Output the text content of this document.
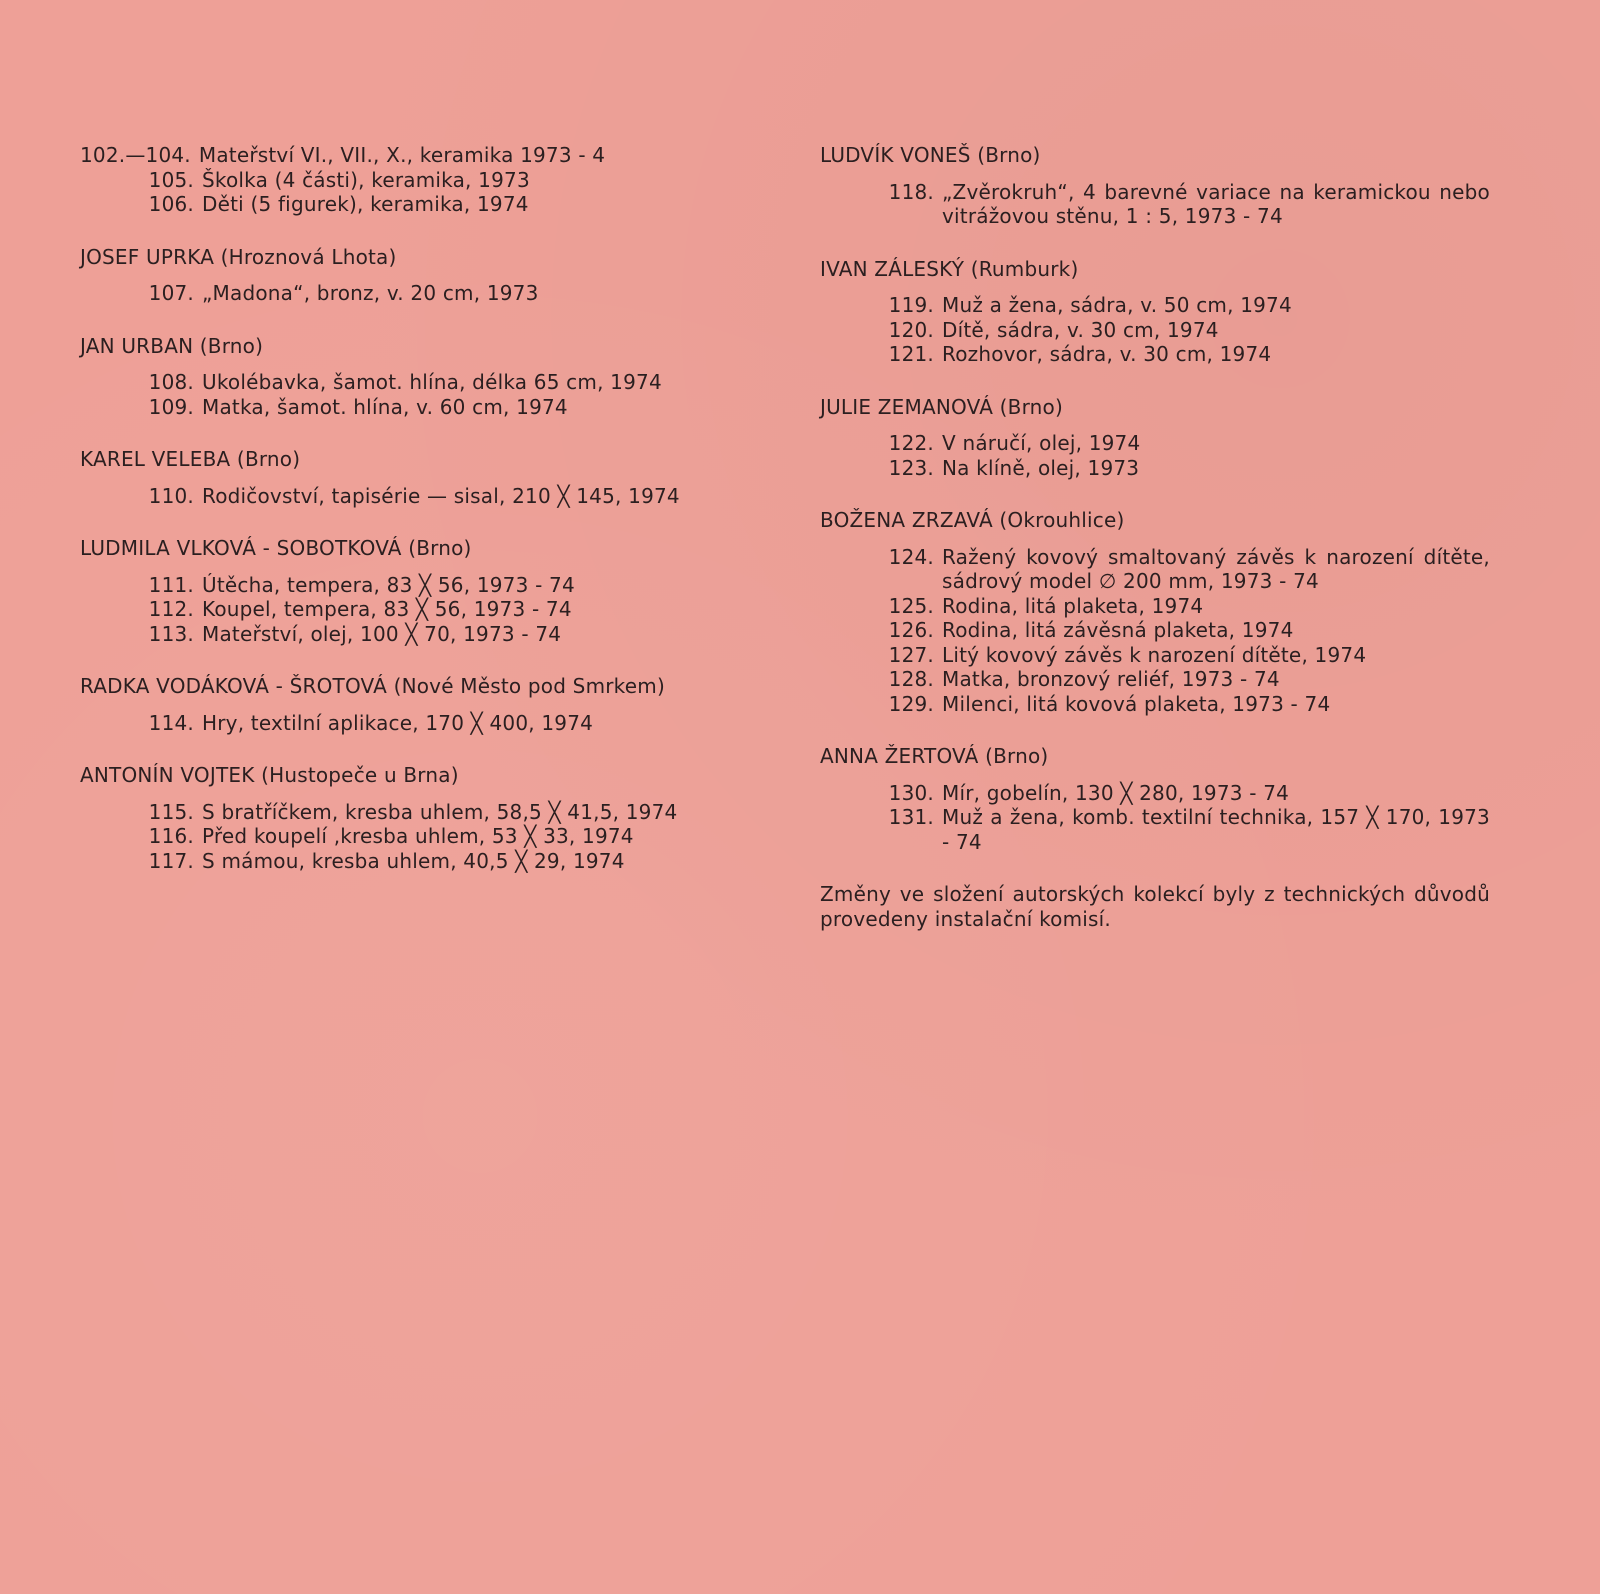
102.—104. Mateřství VI., VII., X., keramika 1973 - 4
105. Školka (4 části), keramika, 1973
106. Děti (5 figurek), keramika, 1974
JOSEF UPRKA (Hroznová Lhota)
107. „Madona“, bronz, v. 20 cm, 1973
JAN URBAN (Brno)
108. Ukolébavka, šamot. hlína, délka 65 cm, 1974
109. Matka, šamot. hlína, v. 60 cm, 1974
KAREL VELEBA (Brno)
110. Rodičovství, tapisérie — sisal, 210 ╳ 145, 1974
LUDMILA VLKOVÁ - SOBOTKOVÁ (Brno)
111. Útěcha, tempera, 83 ╳ 56, 1973 - 74
112. Koupel, tempera, 83 ╳ 56, 1973 - 74
113. Mateřství, olej, 100 ╳ 70, 1973 - 74
RADKA VODÁKOVÁ - ŠROTOVÁ (Nové Město pod Smrkem)
114. Hry, textilní aplikace, 170 ╳ 400, 1974
ANTONÍN VOJTEK (Hustopeče u Brna)
115. S bratříčkem, kresba uhlem, 58,5 ╳ 41,5, 1974
116. Před koupelí ,kresba uhlem, 53 ╳ 33, 1974
117. S mámou, kresba uhlem, 40,5 ╳ 29, 1974
LUDVÍK VONEŠ (Brno)
118. „Zvěrokruh“, 4 barevné variace na keramickou nebo vitrážovou stěnu, 1 : 5, 1973 - 74
IVAN ZÁLESKÝ (Rumburk)
119. Muž a žena, sádra, v. 50 cm, 1974
120. Dítě, sádra, v. 30 cm, 1974
121. Rozhovor, sádra, v. 30 cm, 1974
JULIE ZEMANOVÁ (Brno)
122. V náručí, olej, 1974
123. Na klíně, olej, 1973
BOŽENA ZRZAVÁ (Okrouhlice)
124. Ražený kovový smaltovaný závěs k narození dítěte, sádrový model ∅ 200 mm, 1973 - 74
125. Rodina, litá plaketa, 1974
126. Rodina, litá závěsná plaketa, 1974
127. Litý kovový závěs k narození dítěte, 1974
128. Matka, bronzový reliéf, 1973 - 74
129. Milenci, litá kovová plaketa, 1973 - 74
ANNA ŽERTOVÁ (Brno)
130. Mír, gobelín, 130 ╳ 280, 1973 - 74
131. Muž a žena, komb. textilní technika, 157 ╳ 170, 1973 - 74

Změny ve složení autorských kolekcí byly z technických důvodů provedeny instalační komisí.
